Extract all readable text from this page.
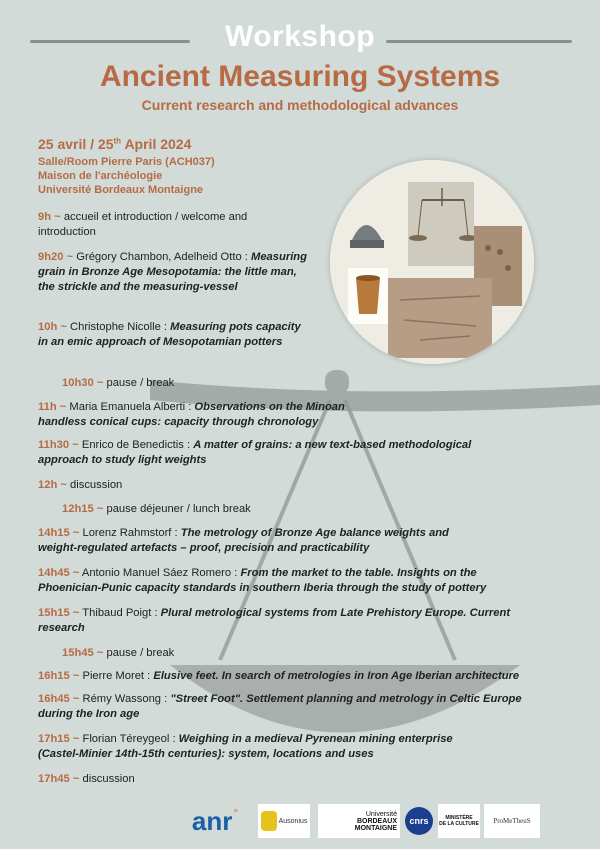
Workshop
Ancient Measuring Systems
Current research and methodological advances
25 avril / 25th April 2024
Salle/Room Pierre Paris (ACH037)
Maison de l'archéologie
Université Bordeaux Montaigne
9h ~ accueil et introduction / welcome and introduction
9h20 ~ Grégory Chambon, Adelheid Otto : Measuring grain in Bronze Age Mesopotamia: the little man, the strickle and the measuring-vessel
10h ~ Christophe Nicolle : Measuring pots capacity in an emic approach of Mesopotamian potters
10h30 ~ pause / break
11h ~ Maria Emanuela Alberti : Observations on the Minoan handless conical cups: capacity through chronology
11h30 ~ Enrico de Benedictis : A matter of grains: a new text-based methodological approach to study light weights
12h ~ discussion
12h15 ~ pause déjeuner / lunch break
14h15 ~ Lorenz Rahmstorf : The metrology of Bronze Age balance weights and weight-regulated artefacts – proof, precision and practicability
14h45 ~ Antonio Manuel Sáez Romero : From the market to the table. Insights on the Phoenician-Punic capacity standards in southern Iberia through the study of pottery
15h15 ~ Thibaud Poigt : Plural metrological systems from Late Prehistory Europe. Current research
15h45 ~ pause / break
16h15 ~ Pierre Moret : Elusive feet. In search of metrologies in Iron Age Iberian architecture
16h45 ~ Rémy Wassong : "Street Foot". Settlement planning and metrology in Celtic Europe during the Iron age
17h15 ~ Florian Téreygeol : Weighing in a medieval Pyrenean mining enterprise (Castel-Minier 14th-15th centuries): system, locations and uses
17h45 ~ discussion
anr °
Ausonius
Université
BORDEAUX
MONTAIGNE
cnrs	MINISTÈRE
DE LA CULTURE ProMeTheuS
